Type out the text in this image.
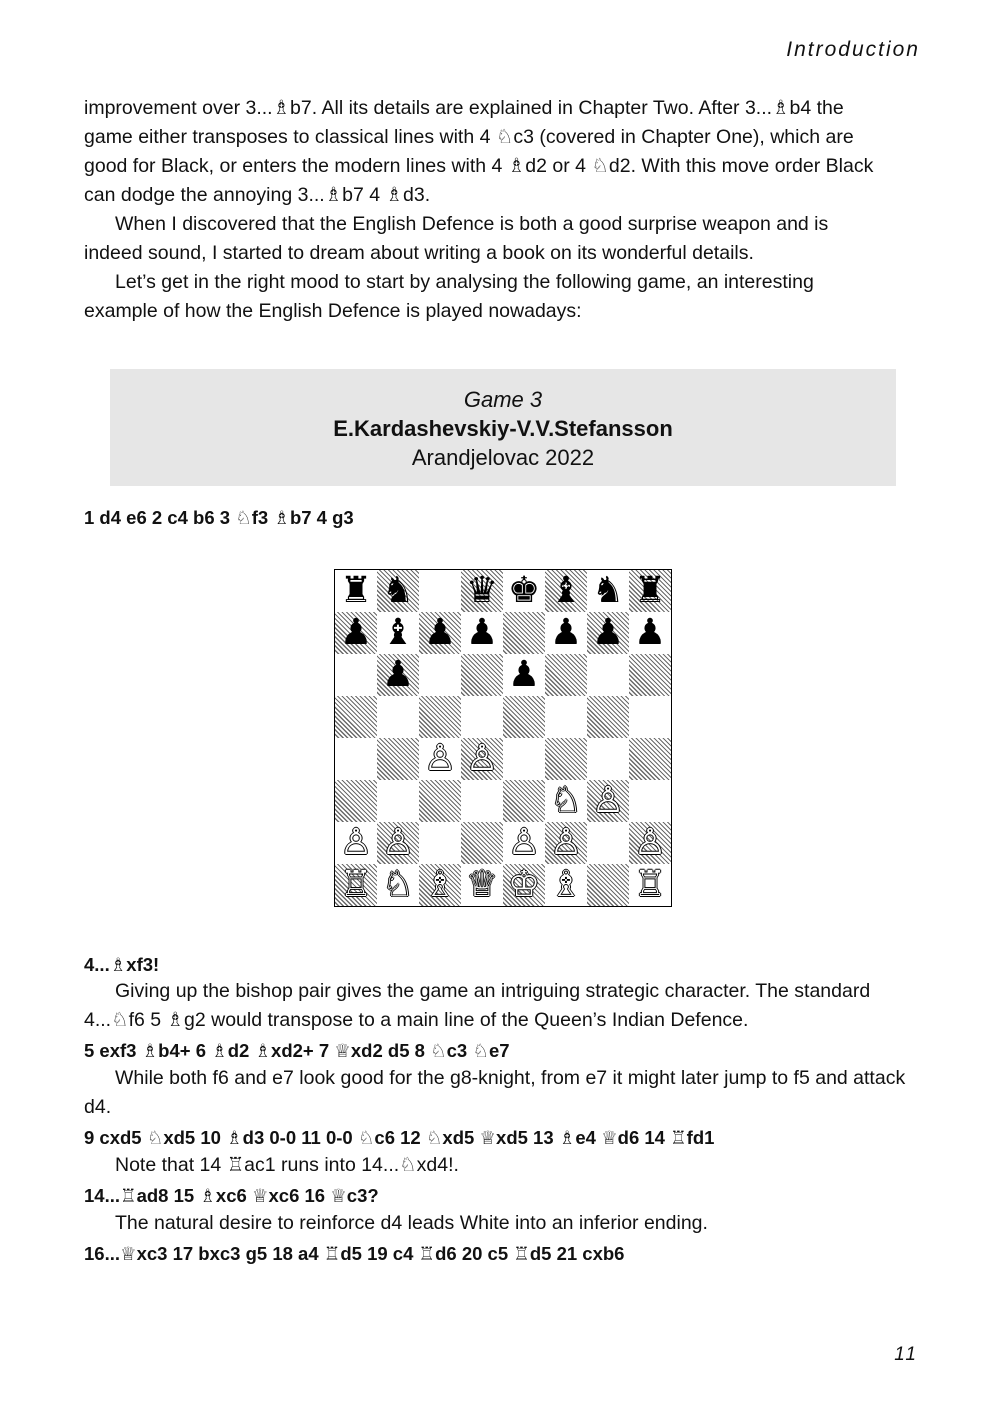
Introduction
improvement over 3...♗b7. All its details are explained in Chapter Two. After 3...♗b4 the
game either transposes to classical lines with 4 ♘c3 (covered in Chapter One), which are
good for Black, or enters the modern lines with 4 ♗d2 or 4 ♘d2. With this move order Black
can dodge the annoying 3...♗b7 4 ♗d3.

When I discovered that the English Defence is both a good surprise weapon and is indeed sound, I started to dream about writing a book on its wonderful details.

Let’s get in the right mood to start by analysing the following game, an interesting example of how the English Defence is played nowadays:

Game 3
E.Kardashevskiy-V.V.Stefansson
Arandjelovac 2022

1 d4 e6 2 c4 b6 3 ♘f3 ♗b7 4 g3

♜ ♞ ♛ ♚ ♝ ♞ ♜
♟ ♝ ♟ ♟ ♟ ♟ ♟
♟	♟
♙ ♙
♘ ♙
♙ ♙	♙ ♙ ♙
♖ ♘ ♗ ♕ ♔ ♗ ♖

4...♗xf3!

Giving up the bishop pair gives the game an intriguing strategic character. The standard 4...♘f6 5 ♗g2 would transpose to a main line of the Queen’s Indian Defence.

5 exf3 ♗b4+ 6 ♗d2 ♗xd2+ 7 ♕xd2 d5 8 ♘c3 ♘e7

While both f6 and e7 look good for the g8-knight, from e7 it might later jump to f5 and attack d4.

9 cxd5 ♘xd5 10 ♗d3 0-0 11 0-0 ♘c6 12 ♘xd5 ♕xd5 13 ♗e4 ♕d6 14 ♖fd1

Note that 14 ♖ac1 runs into 14...♘xd4!.

14...♖ad8 15 ♗xc6 ♕xc6 16 ♕c3?

The natural desire to reinforce d4 leads White into an inferior ending.

16...♕xc3 17 bxc3 g5 18 a4 ♖d5 19 c4 ♖d6 20 c5 ♖d5 21 cxb6

11
